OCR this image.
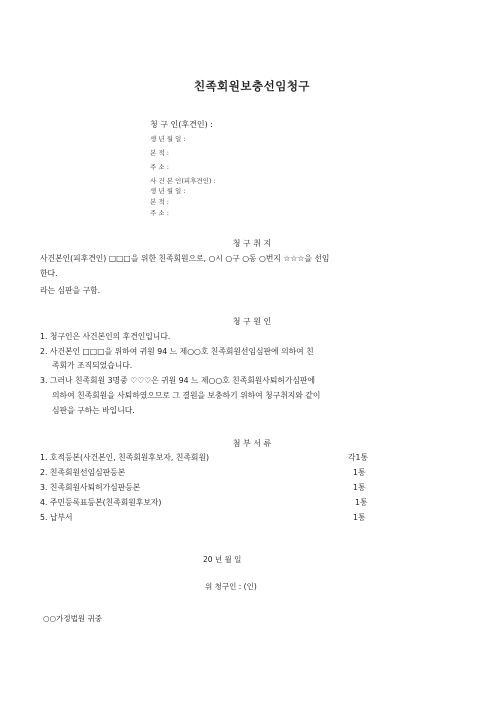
친족회원보충선임청구
청 구 인(후견인) :
생 년 월 일 :
본 적 :
주 소 :
사 건 본 인(피후견인) :
생 년 월 일 :
본 적 :
주 소 :
청 구 취 지
사건본인(피후견인) □□□을 위한 친족회원으로, ○시 ○구 ○동 ○번지 ☆☆☆을 선임
한다.
라는 심판을 구함.
청 구 원 인
1. 청구인은 사건본인의 후견인입니다.
2. 사건본인 □□□을 위하여 귀원 94 느 제○○호 친족회원선임심판에 의하여 친
족회가 조직되었습니다.
3. 그러나 친족회원 3명중 ♡♡♡은 귀원 94 느 제○○호 친족회원사퇴허가심판에
의하여 친족회원을 사퇴하였으므로 그 결원을 보충하기 위하여 청구취지와 같이
심판을 구하는 바입니다.
첨 부 서 류
1. 호적등본(사건본인, 친족회원후보자, 친족회원)	각1통
2. 친족회원선임심판등본	1통
3. 친족회원사퇴허가심판등본	1통
4. 주민등록표등본(친족회원후보자)	1통
5. 납부서	1통
20 년 월 일
위 청구인 : (인)
○○가정법원 귀중
